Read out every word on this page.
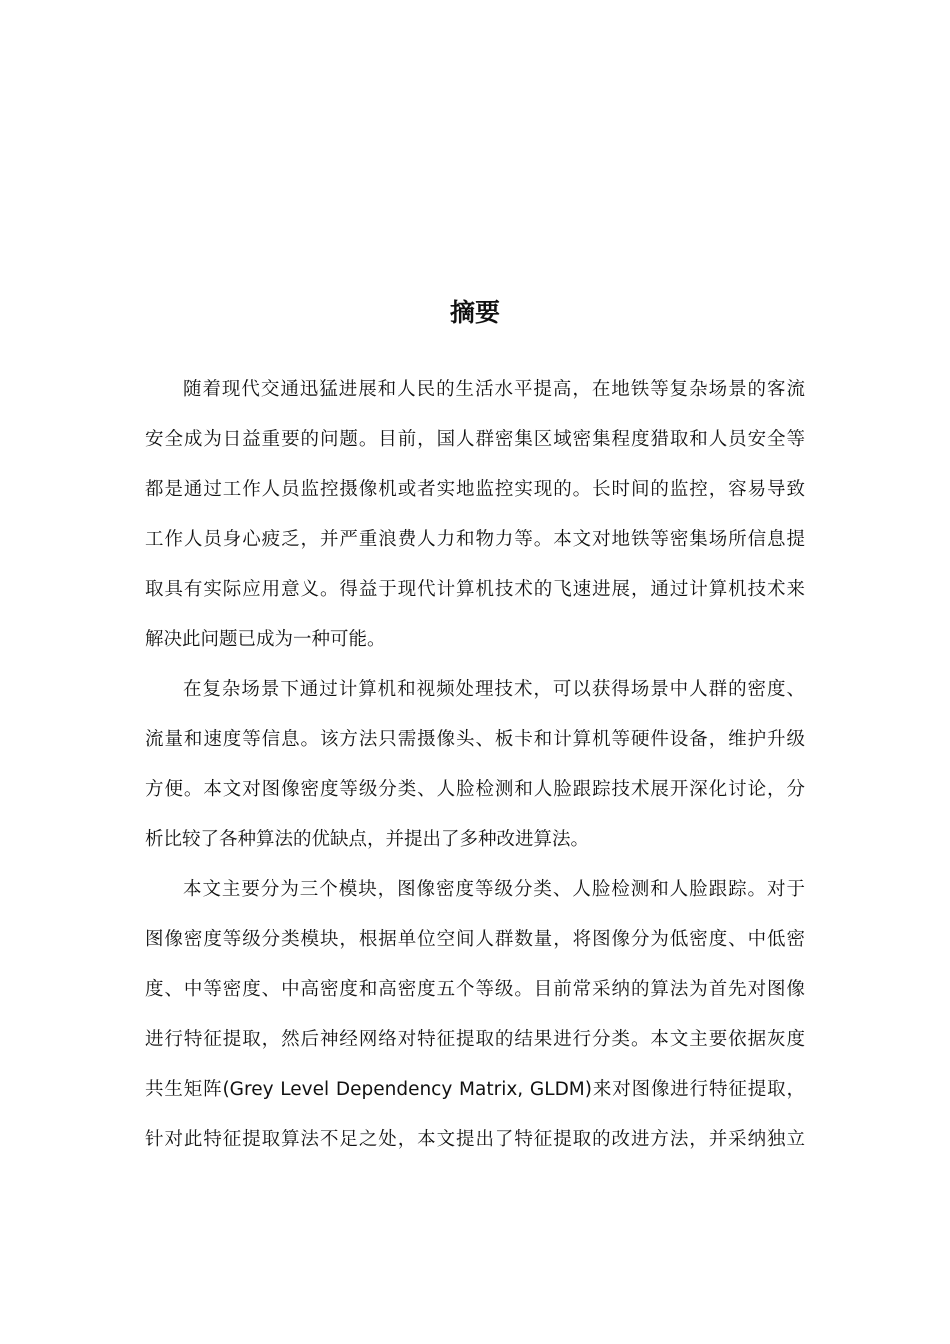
摘要
随着现代交通迅猛进展和人民的生活水平提高，在地铁等复杂场景的客流
安全成为日益重要的问题。目前，国人群密集区域密集程度猎取和人员安全等
都是通过工作人员监控摄像机或者实地监控实现的。长时间的监控，容易导致
工作人员身心疲乏，并严重浪费人力和物力等。本文对地铁等密集场所信息提
取具有实际应用意义。得益于现代计算机技术的飞速进展，通过计算机技术来
解决此问题已成为一种可能。
在复杂场景下通过计算机和视频处理技术，可以获得场景中人群的密度、
流量和速度等信息。该方法只需摄像头、板卡和计算机等硬件设备，维护升级
方便。本文对图像密度等级分类、人脸检测和人脸跟踪技术展开深化讨论，分
析比较了各种算法的优缺点，并提出了多种改进算法。
本文主要分为三个模块，图像密度等级分类、人脸检测和人脸跟踪。对于
图像密度等级分类模块，根据单位空间人群数量，将图像分为低密度、中低密
度、中等密度、中高密度和高密度五个等级。目前常采纳的算法为首先对图像
进行特征提取，然后神经网络对特征提取的结果进行分类。本文主要依据灰度
共生矩阵(Grey Level Dependency Matrix, GLDM)来对图像进行特征提取，
针对此特征提取算法不足之处，本文提出了特征提取的改进方法，并采纳独立
